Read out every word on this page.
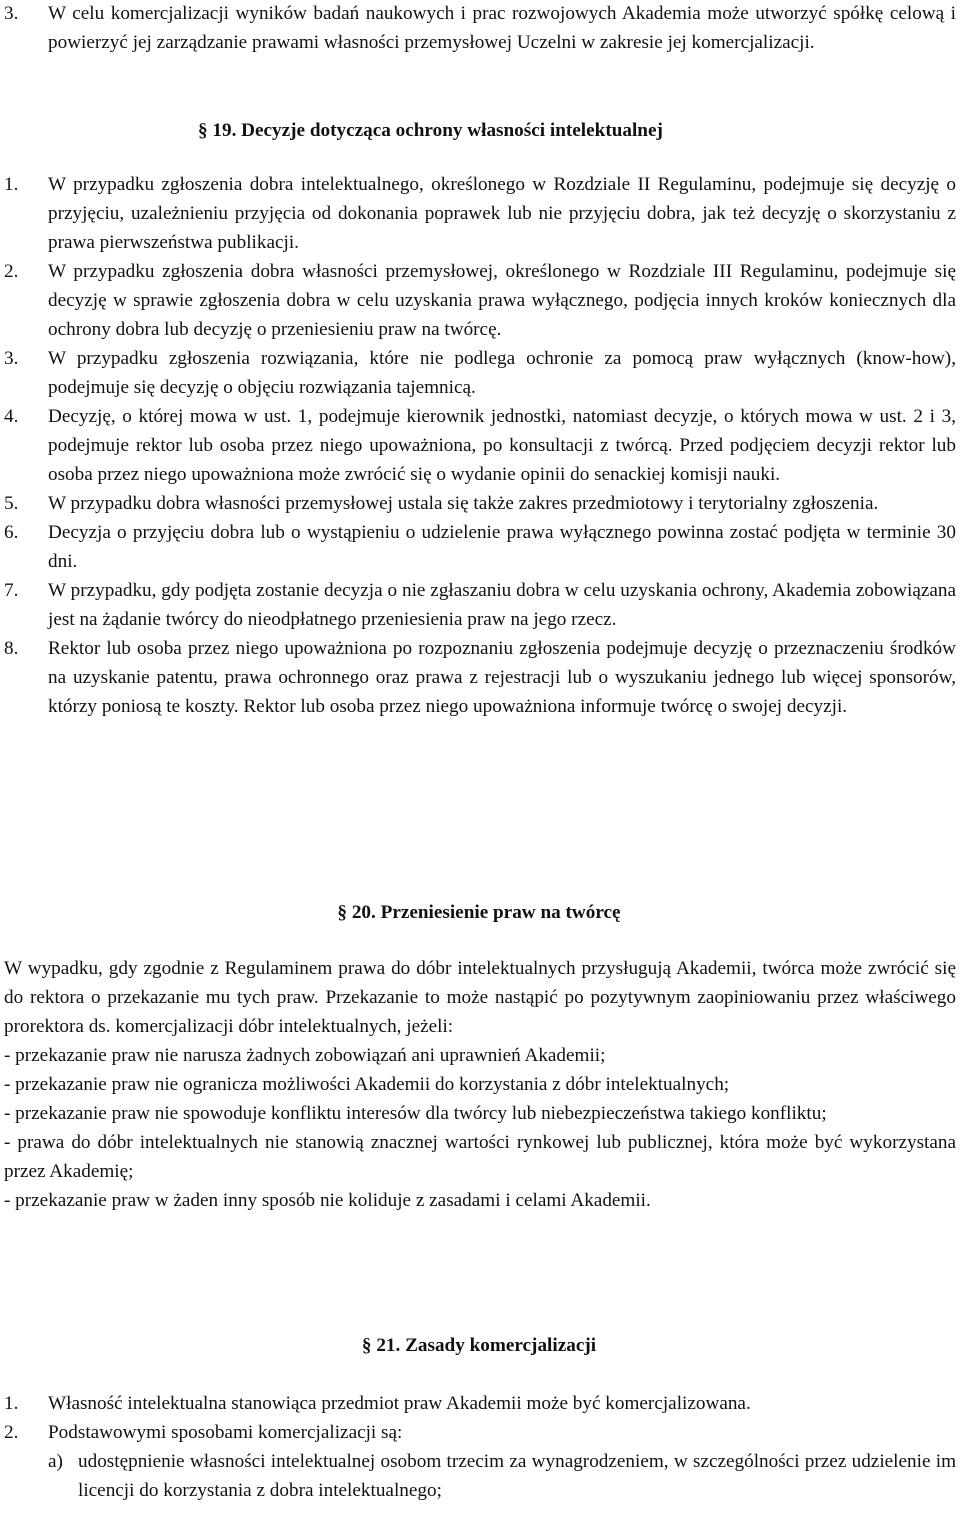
3. W celu komercjalizacji wyników badań naukowych i prac rozwojowych Akademia może utworzyć spółkę celową i powierzyć jej zarządzanie prawami własności przemysłowej Uczelni w zakresie jej komercjalizacji.
§ 19. Decyzje dotycząca ochrony własności intelektualnej
1. W przypadku zgłoszenia dobra intelektualnego, określonego w Rozdziale II Regulaminu, podejmuje się decyzję o przyjęciu, uzależnieniu przyjęcia od dokonania poprawek lub nie przyjęciu dobra, jak też decyzję o skorzystaniu z prawa pierwszeństwa publikacji.
2. W przypadku zgłoszenia dobra własności przemysłowej, określonego w Rozdziale III Regulaminu, podejmuje się decyzję w sprawie zgłoszenia dobra w celu uzyskania prawa wyłącznego, podjęcia innych kroków koniecznych dla ochrony dobra lub decyzję o przeniesieniu praw na twórcę.
3. W przypadku zgłoszenia rozwiązania, które nie podlega ochronie za pomocą praw wyłącznych (know-how), podejmuje się decyzję o objęciu rozwiązania tajemnicą.
4. Decyzję, o której mowa w ust. 1, podejmuje kierownik jednostki, natomiast decyzje, o których mowa w ust. 2 i 3, podejmuje rektor lub osoba przez niego upoważniona, po konsultacji z twórcą. Przed podjęciem decyzji rektor lub osoba przez niego upoważniona może zwrócić się o wydanie opinii do senackiej komisji nauki.
5. W przypadku dobra własności przemysłowej ustala się także zakres przedmiotowy i terytorialny zgłoszenia.
6. Decyzja o przyjęciu dobra lub o wystąpieniu o udzielenie prawa wyłącznego powinna zostać podjęta w terminie 30 dni.
7. W przypadku, gdy podjęta zostanie decyzja o nie zgłaszaniu dobra w celu uzyskania ochrony, Akademia zobowiązana jest na żądanie twórcy do nieodpłatnego przeniesienia praw na jego rzecz.
8. Rektor lub osoba przez niego upoważniona po rozpoznaniu zgłoszenia podejmuje decyzję o przeznaczeniu środków na uzyskanie patentu, prawa ochronnego oraz prawa z rejestracji lub o wyszukaniu jednego lub więcej sponsorów, którzy poniosą te koszty. Rektor lub osoba przez niego upoważniona informuje twórcę o swojej decyzji.
§ 20. Przeniesienie praw na twórcę
W wypadku, gdy zgodnie z Regulaminem prawa do dóbr intelektualnych przysługują Akademii, twórca może zwrócić się do rektora o przekazanie mu tych praw. Przekazanie to może nastąpić po pozytywnym zaopiniowaniu przez właściwego prorektora ds. komercjalizacji dóbr intelektualnych, jeżeli:
- przekazanie praw nie narusza żadnych zobowiązań ani uprawnień Akademii;
- przekazanie praw nie ogranicza możliwości Akademii do korzystania z dóbr intelektualnych;
- przekazanie praw nie spowoduje konfliktu interesów dla twórcy lub niebezpieczeństwa takiego konfliktu;
- prawa do dóbr intelektualnych nie stanowią znacznej wartości rynkowej lub publicznej, która może być wykorzystana przez Akademię;
- przekazanie praw w żaden inny sposób nie koliduje z zasadami i celami Akademii.
§ 21. Zasady komercjalizacji
1. Własność intelektualna stanowiąca przedmiot praw Akademii może być komercjalizowana.
2. Podstawowymi sposobami komercjalizacji są:
a) udostępnienie własności intelektualnej osobom trzecim za wynagrodzeniem, w szczególności przez udzielenie im licencji do korzystania z dobra intelektualnego;
